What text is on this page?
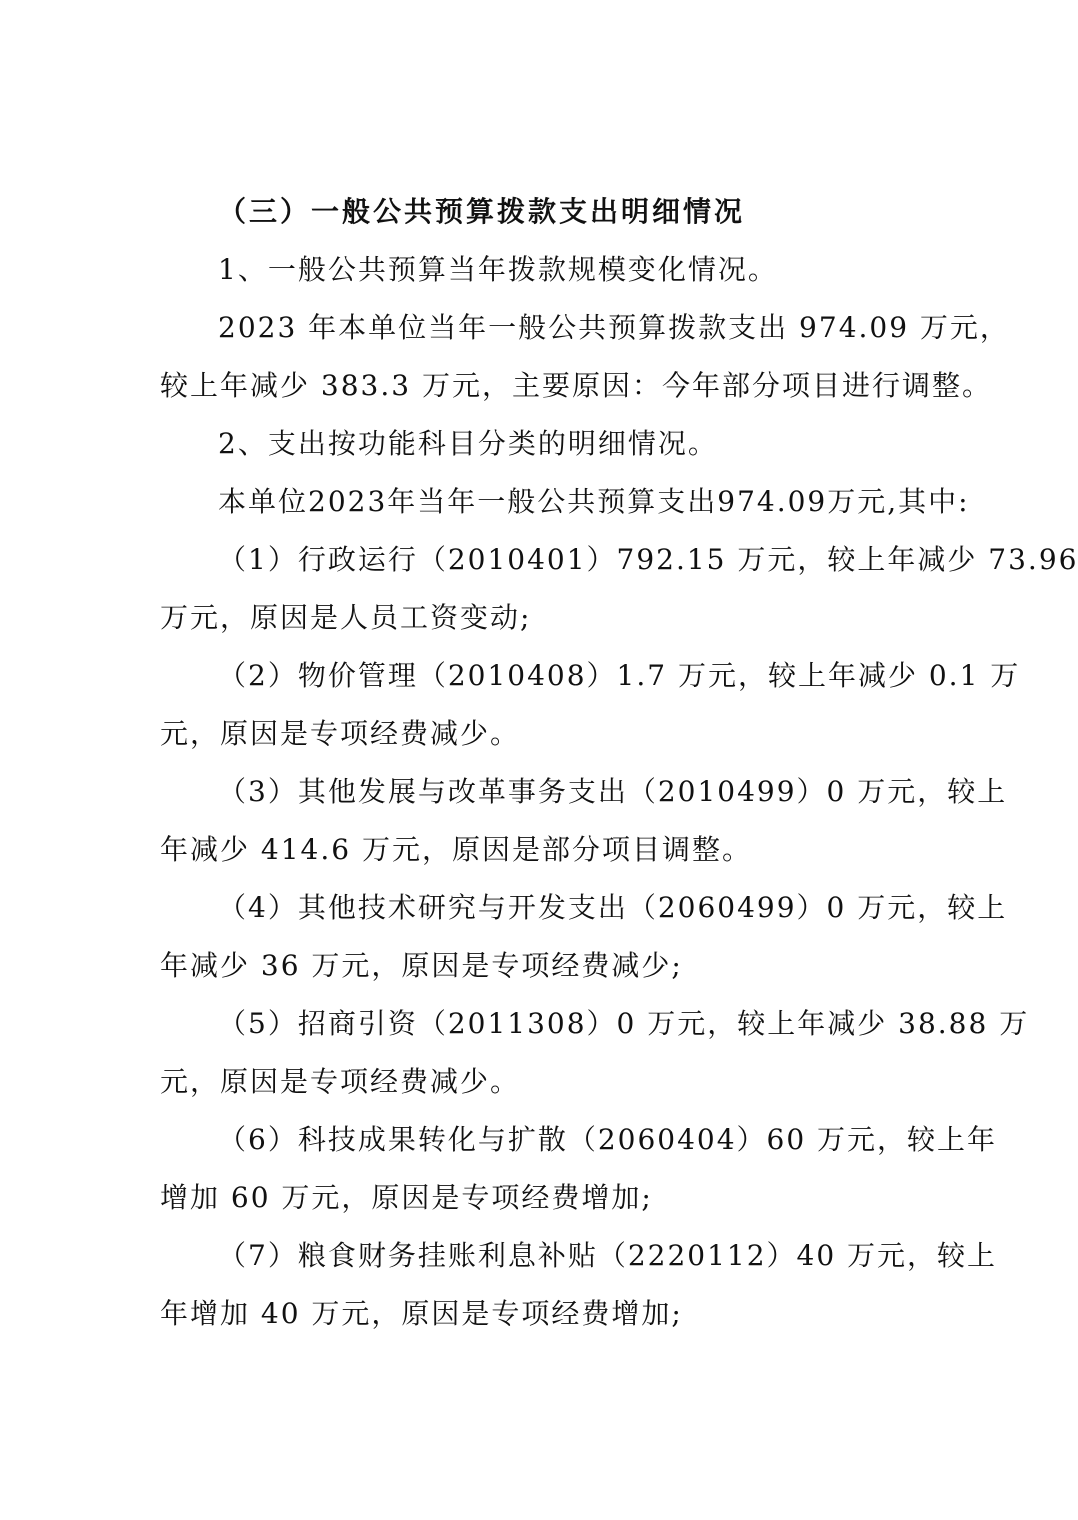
（三）一般公共预算拨款支出明细情况
1、一般公共预算当年拨款规模变化情况。
2023 年本单位当年一般公共预算拨款支出 974.09 万元，
较上年减少 383.3 万元，主要原因：今年部分项目进行调整。
2、支出按功能科目分类的明细情况。
本单位2023年当年一般公共预算支出974.09万元,其中:
（1）行政运行（2010401）792.15 万元，较上年减少 73.96
万元，原因是人员工资变动;
（2）物价管理（2010408）1.7 万元，较上年减少 0.1 万
元，原因是专项经费减少。
（3）其他发展与改革事务支出（2010499）0 万元，较上
年减少 414.6 万元，原因是部分项目调整。
（4）其他技术研究与开发支出（2060499）0 万元，较上
年减少 36 万元，原因是专项经费减少;
（5）招商引资（2011308）0 万元，较上年减少 38.88 万
元，原因是专项经费减少。
（6）科技成果转化与扩散（2060404）60 万元，较上年
增加 60 万元，原因是专项经费增加;
（7）粮食财务挂账利息补贴（2220112）40 万元，较上
年增加 40 万元，原因是专项经费增加;
